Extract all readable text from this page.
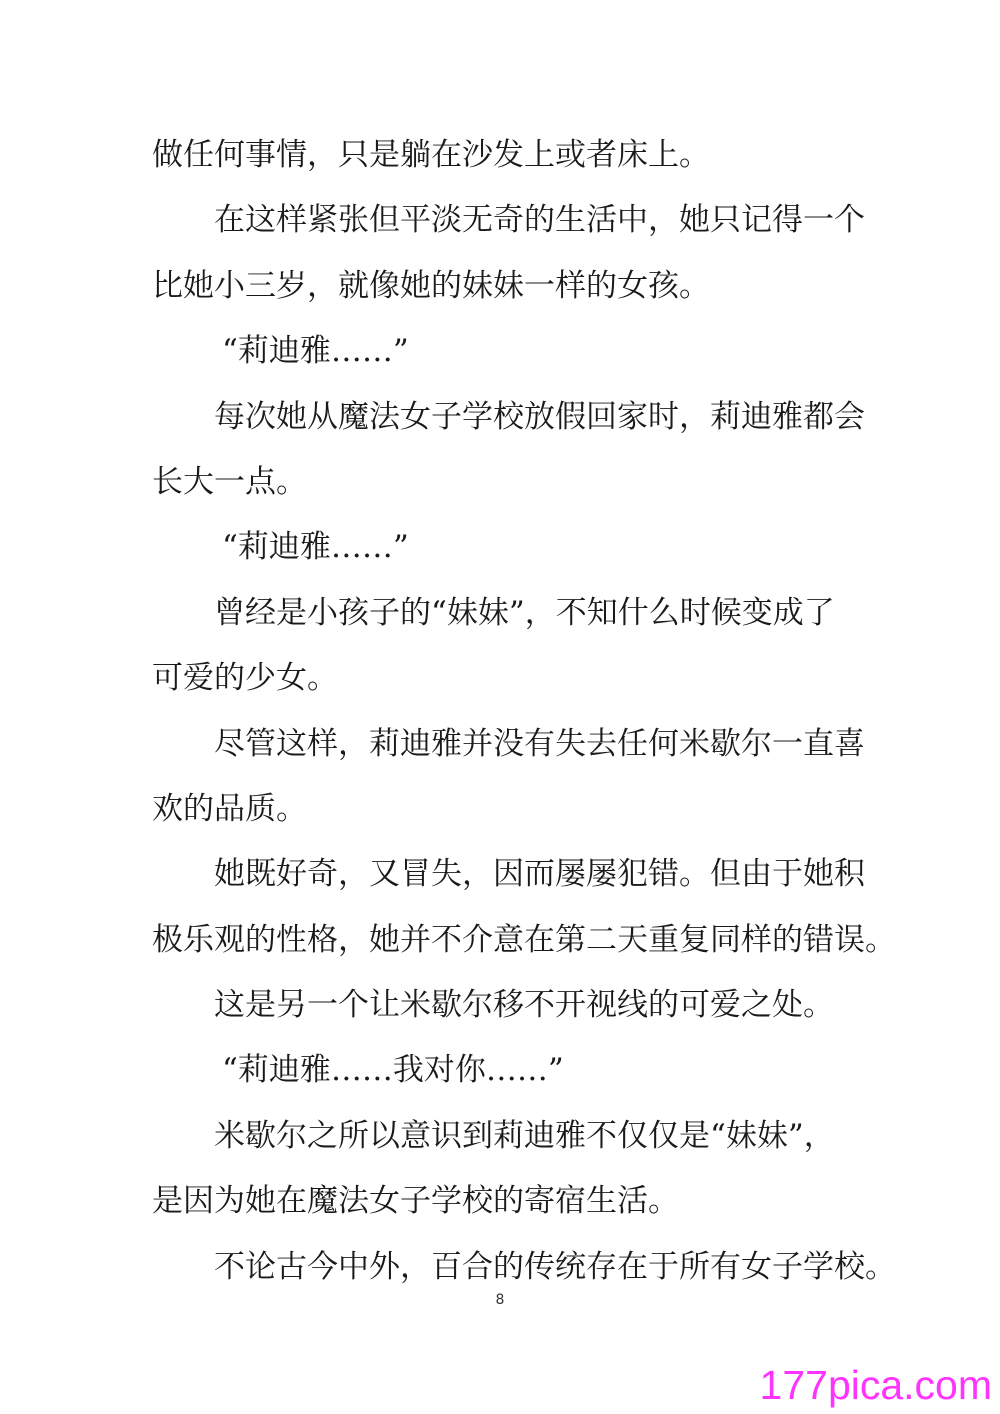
做任何事情，只是躺在沙发上或者床上。
在这样紧张但平淡无奇的生活中，她只记得一个
比她小三岁，就像她的妹妹一样的女孩。
“莉迪雅……”
每次她从魔法女子学校放假回家时，莉迪雅都会
长大一点。
“莉迪雅……”
曾经是小孩子的“妹妹”，不知什么时候变成了
可爱的少女。
尽管这样，莉迪雅并没有失去任何米歇尔一直喜
欢的品质。
她既好奇，又冒失，因而屡屡犯错。但由于她积
极乐观的性格，她并不介意在第二天重复同样的错误。
这是另一个让米歇尔移不开视线的可爱之处。
“莉迪雅……我对你……”
米歇尔之所以意识到莉迪雅不仅仅是“妹妹”，
是因为她在魔法女子学校的寄宿生活。
不论古今中外，百合的传统存在于所有女子学校。
8
177pica.com
